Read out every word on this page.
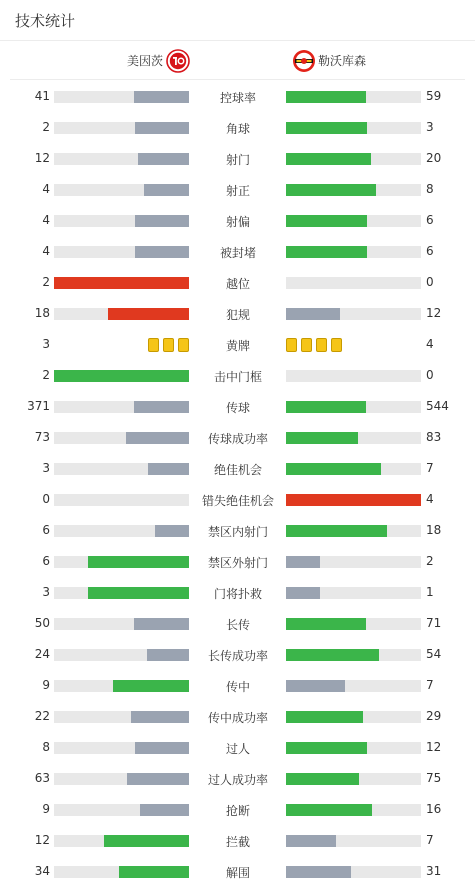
技术统计
美因茨	勒沃库森
41	控球率	59
2	角球	3
12	射门	20
4	射正	8
4	射偏	6
4	被封堵	6
2	越位	0
18	犯规	12
3	黄牌	4
2	击中门框	0
371	传球	544
73	传球成功率	83
3	绝佳机会	7
0	错失绝佳机会	4
6	禁区内射门	18
6	禁区外射门	2
3	门将扑救	1
50	长传	71
24	长传成功率	54
9	传中	7
22	传中成功率	29
8	过人	12
63	过人成功率	75
9	抢断	16
12	拦截	7
34	解围	31
